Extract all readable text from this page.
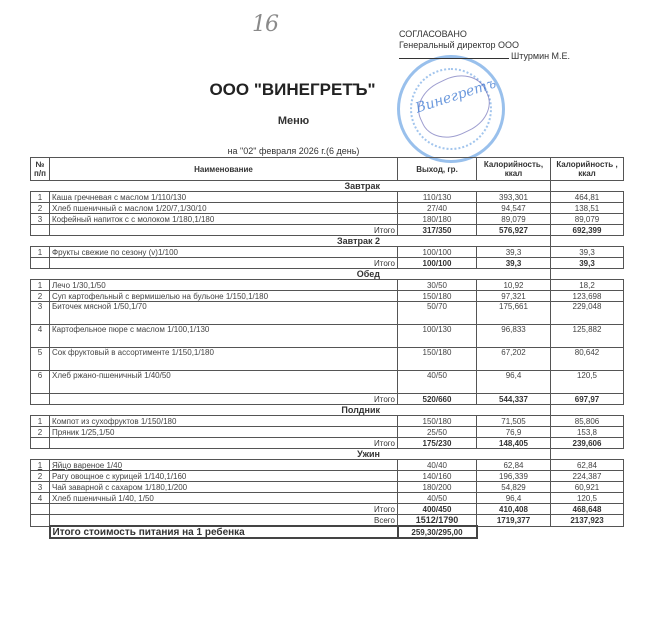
16
Винегретъ
СОГЛАСОВАНО
Генеральный директор ООО
Штурмин М.Е.
ООО "ВИНЕГРЕТЪ"
Меню
на "02" февраля 2026 г.(6 день)
№ п/п	Наименование	Выход, гр.	Калорийность, ккал	Калорийность , ккал
Завтрак				
1	Каша гречневая с маслом 1/110/130	110/130	393,301	464,81
2	Хлеб пшеничный с маслом 1/20/7,1/30/10	27/40	94,547	138,51
3	Кофейный напиток с с молоком 1/180,1/180	180/180	89,079	89,079
	Итого	317/350	576,927	692,399
Завтрак 2				
1	Фрукты свежие по сезону (v)1/100	100/100	39,3	39,3
	Итого	100/100	39,3	39,3
Обед				
1	Лечо 1/30,1/50	30/50	10,92	18,2
2	Суп картофельный с вермишелью на бульоне 1/150,1/180	150/180	97,321	123,698
3	Биточек мясной 1/50,1/70	50/70	175,661	229,048
4	Картофельное пюре с маслом 1/100,1/130	100/130	96,833	125,882
5	Сок фруктовый в ассортименте 1/150,1/180	150/180	67,202	80,642
6	Хлеб ржано-пшеничный 1/40/50	40/50	96,4	120,5
	Итого	520/660	544,337	697,97
Полдник				
1	Компот из сухофруктов 1/150/180	150/180	71,505	85,806
2	Пряник 1/25,1/50	25/50	76,9	153,8
	Итого	175/230	148,405	239,606
Ужин				
1	Яйцо вареное 1/40	40/40	62,84	62,84
2	Рагу овощное с курицей 1/140,1/160	140/160	196,339	224,387
3	Чай заварной с сахаром 1/180,1/200	180/200	54,829	60,921
4	Хлеб пшеничный 1/40, 1/50	40/50	96,4	120,5
	Итого	400/450	410,408	468,648
	Всего	1512/1790	1719,377	2137,923
	Итого стоимость питания на 1 ребенка	259,30/295,00		
